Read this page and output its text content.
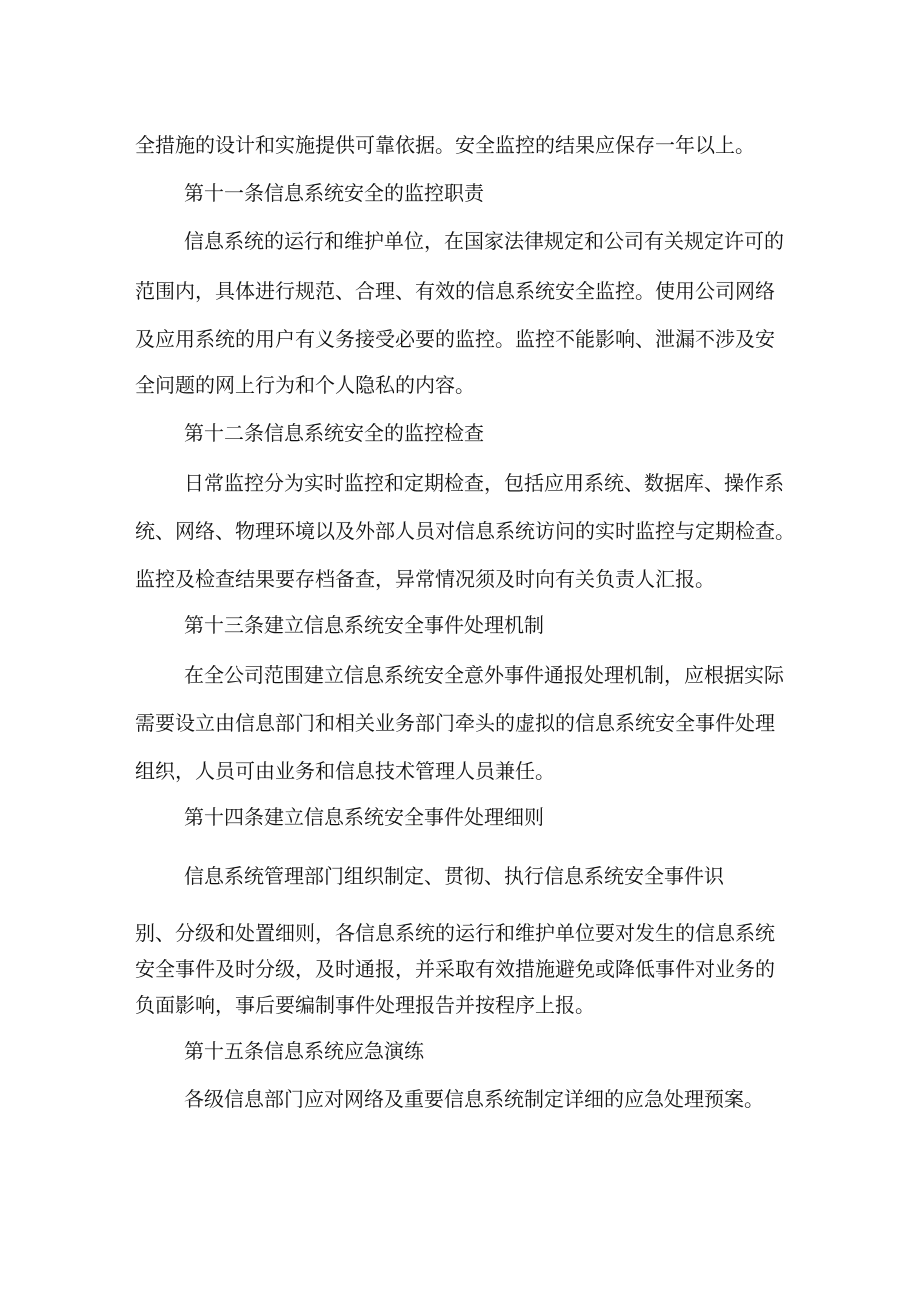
全措施的设计和实施提供可靠依据。安全监控的结果应保存一年以上。
第十一条信息系统安全的监控职责
信息系统的运行和维护单位，在国家法律规定和公司有关规定许可的
范围内，具体进行规范、合理、有效的信息系统安全监控。使用公司网络
及应用系统的用户有义务接受必要的监控。监控不能影响、泄漏不涉及安
全问题的网上行为和个人隐私的内容。
第十二条信息系统安全的监控检查
日常监控分为实时监控和定期检查，包括应用系统、数据库、操作系
统、网络、物理环境以及外部人员对信息系统访问的实时监控与定期检查。
监控及检查结果要存档备查，异常情况须及时向有关负责人汇报。
第十三条建立信息系统安全事件处理机制
在全公司范围建立信息系统安全意外事件通报处理机制，应根据实际
需要设立由信息部门和相关业务部门牵头的虚拟的信息系统安全事件处理
组织，人员可由业务和信息技术管理人员兼任。
第十四条建立信息系统安全事件处理细则
信息系统管理部门组织制定、贯彻、执行信息系统安全事件识
别、分级和处置细则，各信息系统的运行和维护单位要对发生的信息系统
安全事件及时分级，及时通报，并采取有效措施避免或降低事件对业务的
负面影响，事后要编制事件处理报告并按程序上报。
第十五条信息系统应急演练
各级信息部门应对网络及重要信息系统制定详细的应急处理预案。
